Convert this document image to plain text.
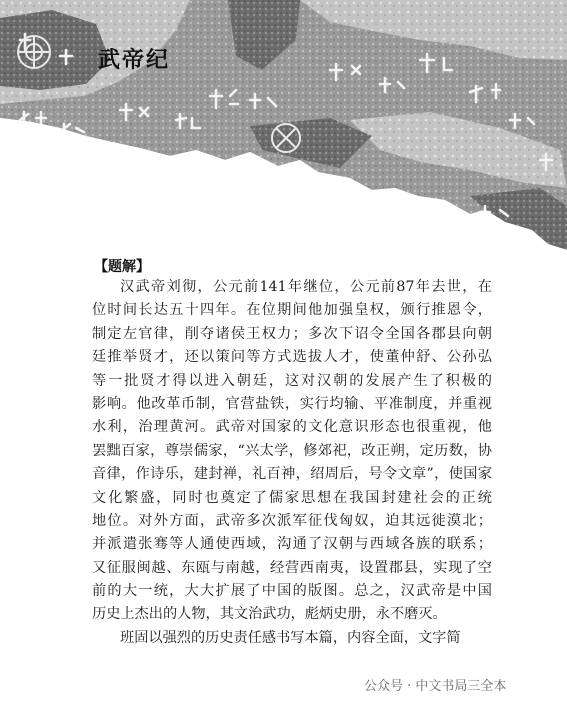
武帝纪
【题解】
汉武帝刘彻，公元前141年继位，公元前87年去世，在
位时间长达五十四年。在位期间他加强皇权，颁行推恩令，
制定左官律，削夺诸侯王权力；多次下诏令全国各郡县向朝
廷推举贤才，还以策问等方式选拔人才，使董仲舒、公孙弘
等一批贤才得以进入朝廷，这对汉朝的发展产生了积极的
影响。他改革币制，官营盐铁，实行均输、平准制度，并重视
水利，治理黄河。武帝对国家的文化意识形态也很重视，他
罢黜百家，尊崇儒家，“兴太学，修郊祀，改正朔，定历数，协
音律，作诗乐，建封禅，礼百神，绍周后，号令文章”，使国家
文化繁盛，同时也奠定了儒家思想在我国封建社会的正统
地位。对外方面，武帝多次派军征伐匈奴，迫其远徙漠北；
并派遣张骞等人通使西域，沟通了汉朝与西域各族的联系；
又征服闽越、东瓯与南越，经营西南夷，设置郡县，实现了空
前的大一统，大大扩展了中国的版图。总之，汉武帝是中国
历史上杰出的人物，其文治武功，彪炳史册，永不磨灭。
班固以强烈的历史责任感书写本篇，内容全面，文字简
公众号 · 中文书局三全本
